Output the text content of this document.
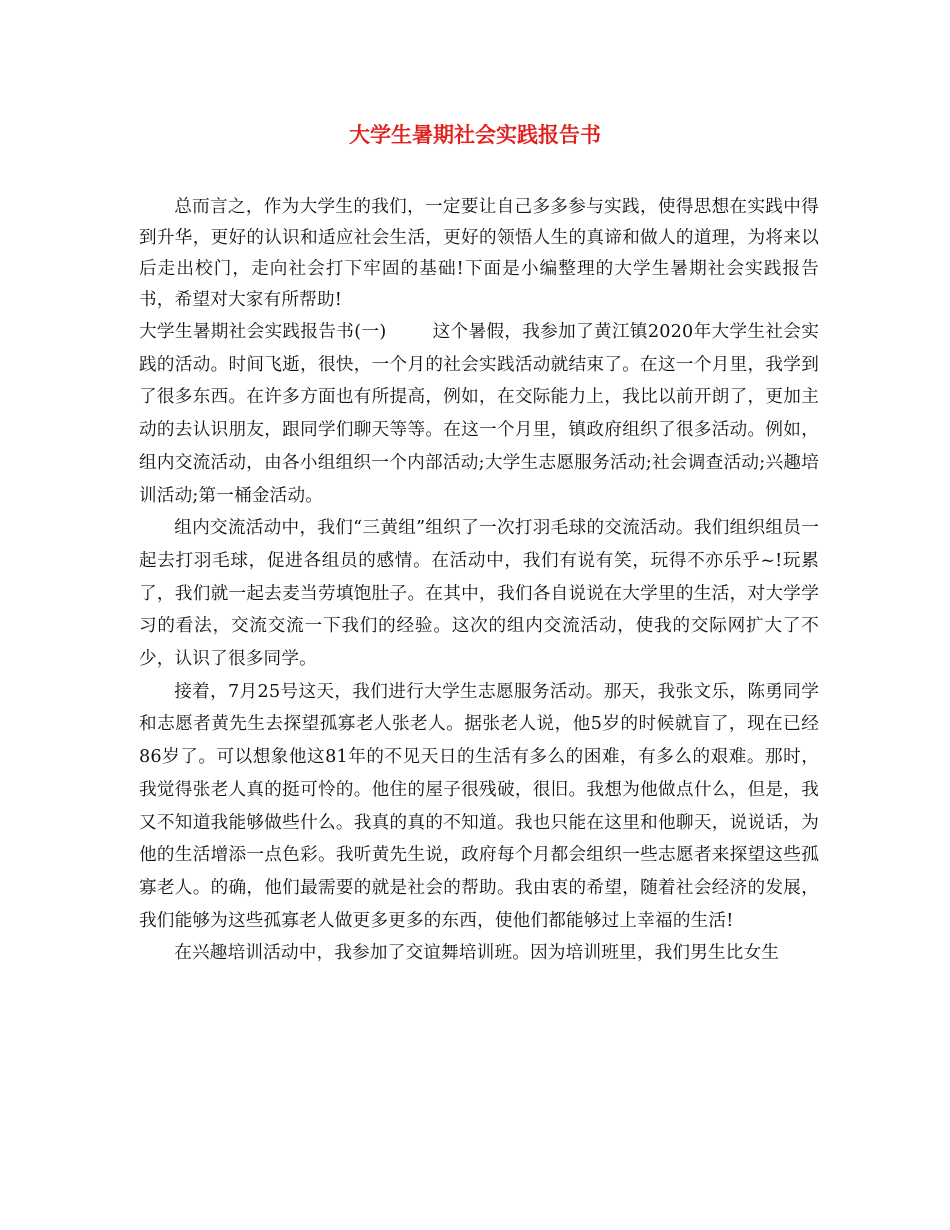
大学生暑期社会实践报告书

总而言之，作为大学生的我们，一定要让自己多多参与实践，使得思想在实践中得到升华，更好的认识和适应社会生活，更好的领悟人生的真谛和做人的道理，为将来以后走出校门，走向社会打下牢固的基础!下面是小编整理的大学生暑期社会实践报告书，希望对大家有所帮助!

大学生暑期社会实践报告书(一)	这个暑假，我参加了黄江镇2020年大学生社会实践的活动。时间飞逝，很快，一个月的社会实践活动就结束了。在这一个月里，我学到了很多东西。在许多方面也有所提高，例如，在交际能力上，我比以前开朗了，更加主动的去认识朋友，跟同学们聊天等等。在这一个月里，镇政府组织了很多活动。例如，组内交流活动，由各小组组织一个内部活动;大学生志愿服务活动;社会调查活动;兴趣培训活动;第一桶金活动。

组内交流活动中，我们“三黄组”组织了一次打羽毛球的交流活动。我们组织组员一起去打羽毛球，促进各组员的感情。在活动中，我们有说有笑，玩得不亦乐乎~!玩累了，我们就一起去麦当劳填饱肚子。在其中，我们各自说说在大学里的生活，对大学学习的看法，交流交流一下我们的经验。这次的组内交流活动，使我的交际网扩大了不少，认识了很多同学。

接着，7月25号这天，我们进行大学生志愿服务活动。那天，我张文乐，陈勇同学和志愿者黄先生去探望孤寡老人张老人。据张老人说，他5岁的时候就盲了，现在已经86岁了。可以想象他这81年的不见天日的生活有多么的困难，有多么的艰难。那时，我觉得张老人真的挺可怜的。他住的屋子很残破，很旧。我想为他做点什么，但是，我又不知道我能够做些什么。我真的真的不知道。我也只能在这里和他聊天，说说话，为他的生活增添一点色彩。我听黄先生说，政府每个月都会组织一些志愿者来探望这些孤寡老人。的确，他们最需要的就是社会的帮助。我由衷的希望，随着社会经济的发展，我们能够为这些孤寡老人做更多更多的东西，使他们都能够过上幸福的生活!

在兴趣培训活动中，我参加了交谊舞培训班。因为培训班里，我们男生比女生
